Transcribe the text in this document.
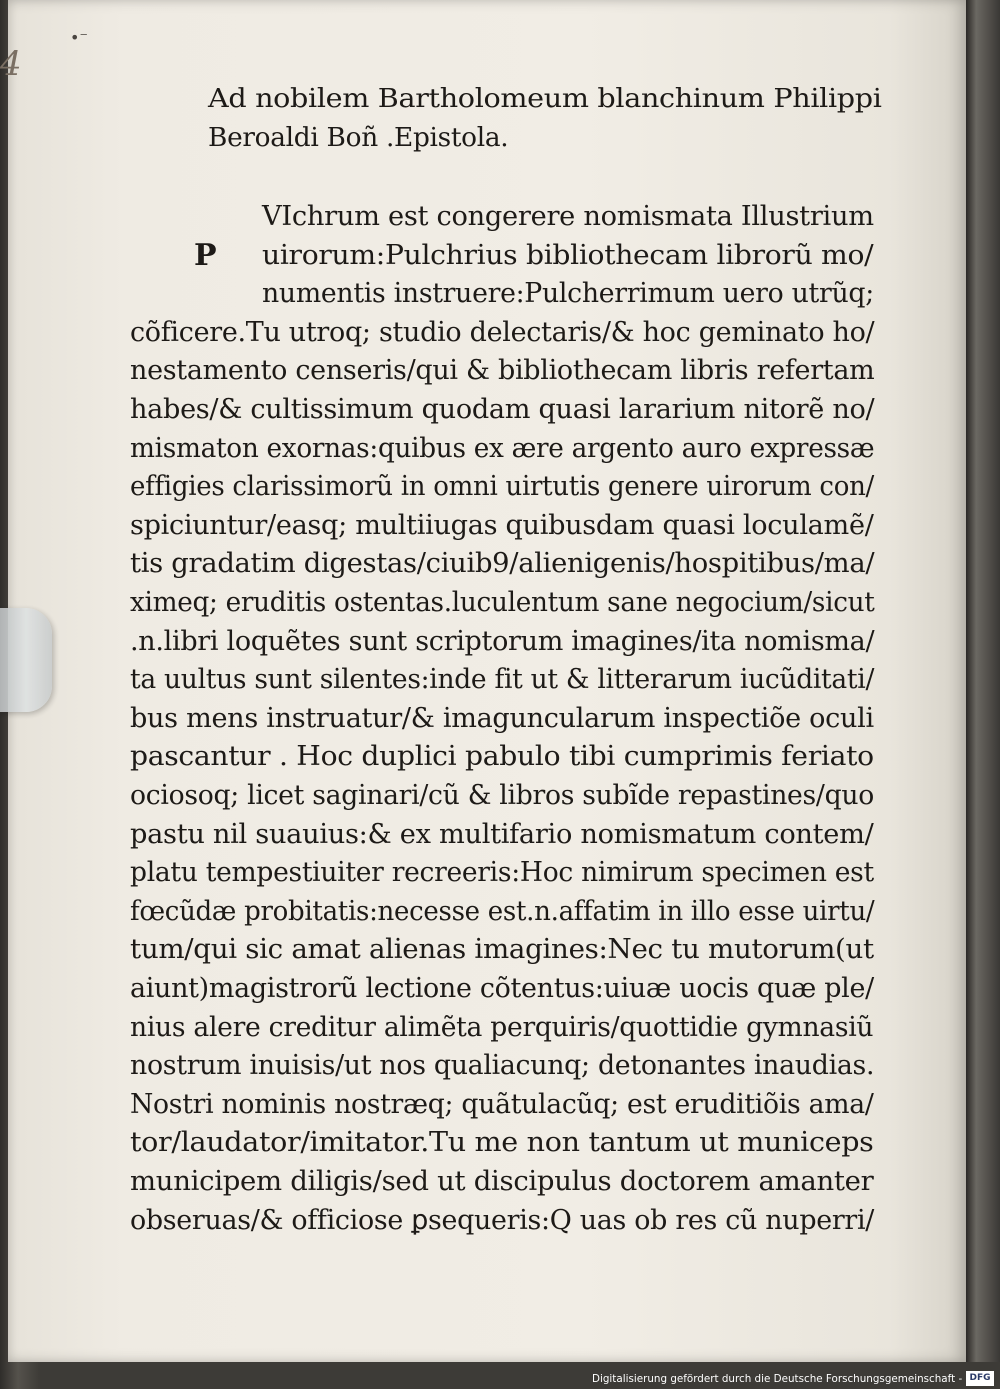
•⁻
Ad nobilem Bartholomeum blanchinum Philippi
Beroaldi Boñ .Epistola.
P
VIchrum est congerere nomismata Illustrium
uirorum:Pulchrius bibliothecam librorũ mo/
numentis instruere:Pulcherrimum uero utrũq;
cõficere.Tu utroq; studio delectaris/& hoc geminato ho/
nestamento censeris/qui & bibliothecam libris refertam
habes/& cultissimum quodam quasi lararium nitorẽ no/
mismaton exornas:quibus ex ære argento auro expressæ
effigies clarissimorũ in omni uirtutis genere uirorum con/
spiciuntur/easq; multiiugas quibusdam quasi loculamẽ/
tis gradatim digestas/ciuib9/alienigenis/hospitibus/ma/
ximeq; eruditis ostentas.luculentum sane negocium/sicut
.n.libri loquẽtes sunt scriptorum imagines/ita nomisma/
ta uultus sunt silentes:inde fit ut & litterarum iucũditati/
bus mens instruatur/& imaguncularum inspectiõe oculi
pascantur . Hoc duplici pabulo tibi cumprimis feriato
ociosoq; licet saginari/cũ & libros subĩde repastines/quo
pastu nil suauius:& ex multifario nomismatum contem/
platu tempestiuiter recreeris:Hoc nimirum specimen est
fœcũdæ probitatis:necesse est.n.affatim in illo esse uirtu/
tum/qui sic amat alienas imagines:Nec tu mutorum(ut
aiunt)magistrorũ lectione cõtentus:uiuæ uocis quæ ple/
nius alere creditur alimẽta perquiris/quottidie gymnasiũ
nostrum inuisis/ut nos qualiacunq; detonantes inaudias.
Nostri nominis nostræq; quãtulacũq; est eruditiõis ama/
tor/laudator/imitator.Tu me non tantum ut municeps
municipem diligis/sed ut discipulus doctorem amanter
obseruas/& officiose ꝑsequeris:Q uas ob res cũ nuperri/
4
Digitalisierung gefördert durch die Deutsche Forschungsgemeinschaft - DFG
